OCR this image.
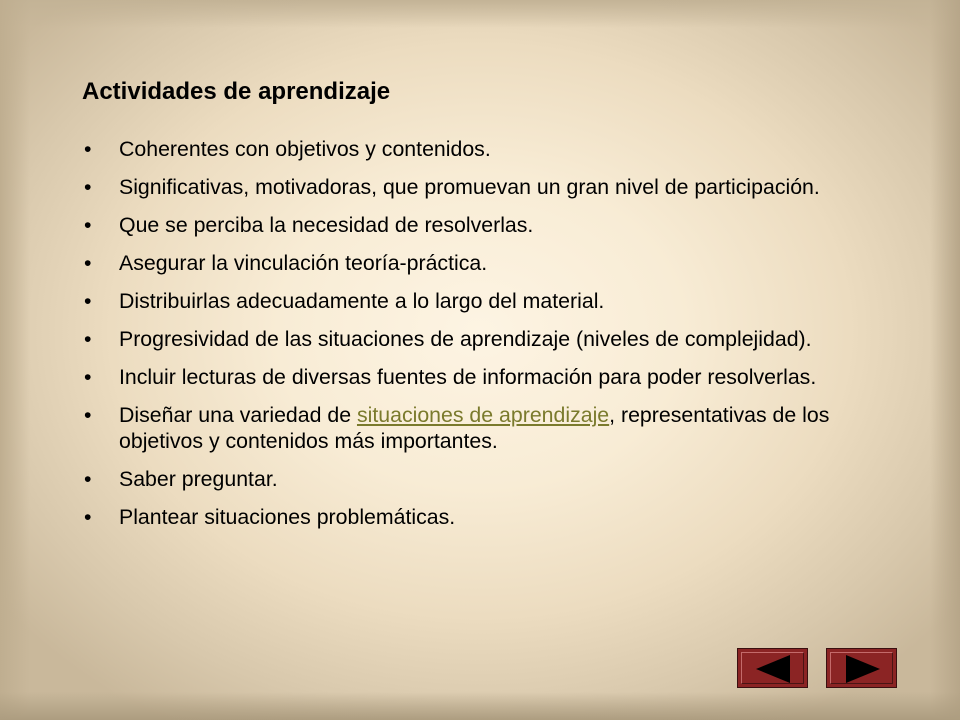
Actividades de aprendizaje
• Coherentes con objetivos y contenidos.
• Significativas, motivadoras, que promuevan un gran nivel de participación.
• Que se perciba la necesidad de resolverlas.
• Asegurar la vinculación teoría-práctica.
• Distribuirlas adecuadamente a lo largo del material.
• Progresividad de las situaciones de aprendizaje (niveles de complejidad).
• Incluir lecturas de diversas fuentes de información para poder resolverlas.
• Diseñar una variedad de situaciones de aprendizaje, representativas de los objetivos y contenidos más importantes.
• Saber preguntar.
• Plantear situaciones problemáticas.
